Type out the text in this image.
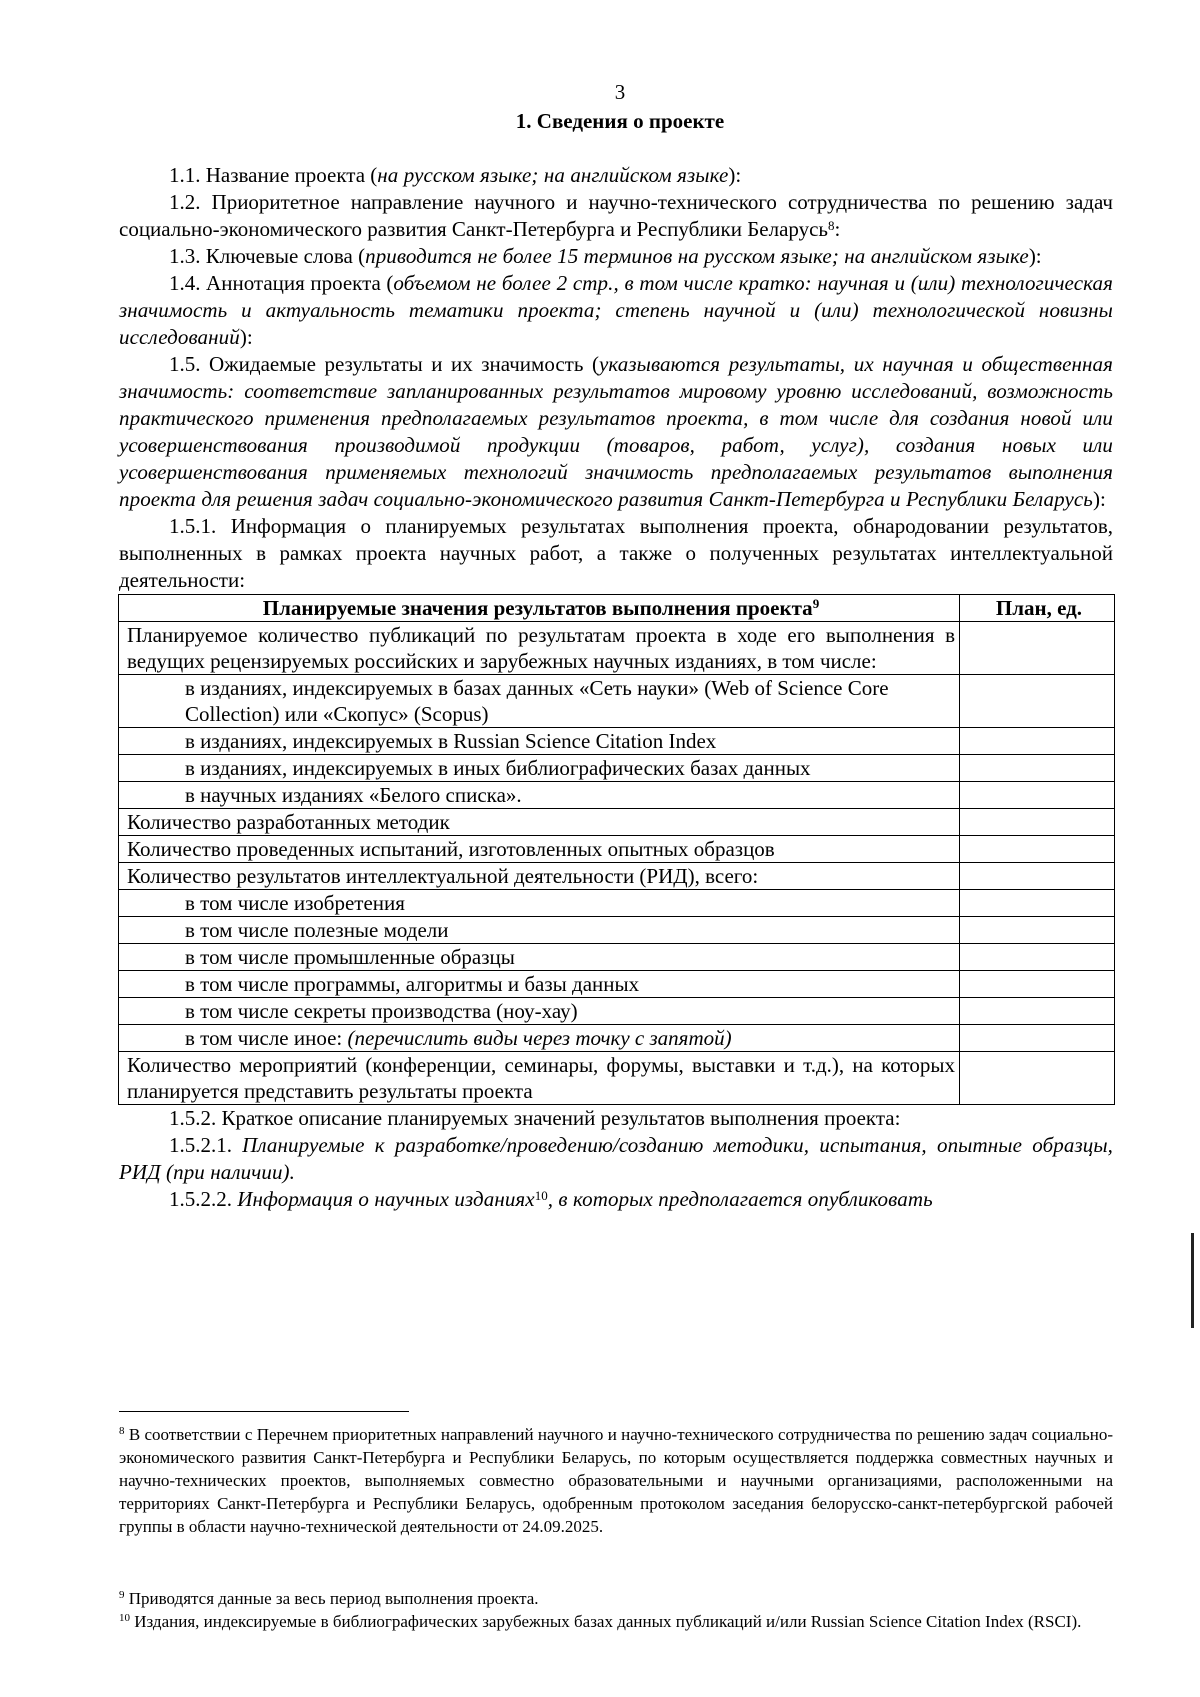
3
1. Сведения о проекте

1.1. Название проекта (на русском языке; на английском языке):

1.2. Приоритетное направление научного и научно-технического сотрудничества по решению задач социально-экономического развития Санкт-Петербурга и Республики Беларусь$^8$:

1.3. Ключевые слова (приводится не более 15 терминов на русском языке; на английском языке):

1.4. Аннотация проекта (объемом не более 2 стр., в том числе кратко: научная и (или) технологическая значимость и актуальность тематики проекта; степень научной и (или) технологической новизны исследований):

1.5. Ожидаемые результаты и их значимость (указываются результаты, их научная и общественная значимость: соответствие запланированных результатов мировому уровню исследований, возможность практического применения предполагаемых результатов проекта, в том числе для создания новой или усовершенствования производимой продукции (товаров, работ, услуг), создания новых или усовершенствования применяемых технологий значимость предполагаемых результатов выполнения проекта для решения задач социально-экономического развития Санкт-Петербурга и Республики Беларусь):

1.5.1. Информация о планируемых результатах выполнения проекта, обнародовании результатов, выполненных в рамках проекта научных работ, а также о полученных результатах интеллектуальной деятельности:

Планируемые значения результатов выполнения проекта$^9$	План, ед.
Планируемое количество публикаций по результатам проекта в ходе его выполнения в ведущих рецензируемых российских и зарубежных научных изданиях, в том числе:	
в изданиях, индексируемых в базах данных «Сеть науки» (Web of Science Core Collection) или «Скопус» (Scopus)	
в изданиях, индексируемых в Russian Science Citation Index	
в изданиях, индексируемых в иных библиографических базах данных	
в научных изданиях «Белого списка».	
Количество разработанных методик	
Количество проведенных испытаний, изготовленных опытных образцов	
Количество результатов интеллектуальной деятельности (РИД), всего:	
в том числе изобретения	
в том числе полезные модели	
в том числе промышленные образцы	
в том числе программы, алгоритмы и базы данных	
в том числе секреты производства (ноу-хау)	
в том числе иное: (перечислить виды через точку с запятой)	
Количество мероприятий (конференции, семинары, форумы, выставки и т.д.), на которых планируется представить результаты проекта	

1.5.2. Краткое описание планируемых значений результатов выполнения проекта:

1.5.2.1. Планируемые к разработке/проведению/созданию методики, испытания, опытные образцы, РИД (при наличии).

1.5.2.2. Информация о научных изданиях$^{10}$, в которых предполагается опубликовать

$^8$ В соответствии с Перечнем приоритетных направлений научного и научно-технического сотрудничества по решению задач социально-экономического развития Санкт-Петербурга и Республики Беларусь, по которым осуществляется поддержка совместных научных и научно-технических проектов, выполняемых совместно образовательными и научными организациями, расположенными на территориях Санкт-Петербурга и Республики Беларусь, одобренным протоколом заседания белорусско-санкт-петербургской рабочей группы в области научно-технической деятельности от 24.09.2025.
$^9$ Приводятся данные за весь период выполнения проекта.
$^{10}$ Издания, индексируемые в библиографических зарубежных базах данных публикаций и/или Russian Science Citation Index (RSCI).
